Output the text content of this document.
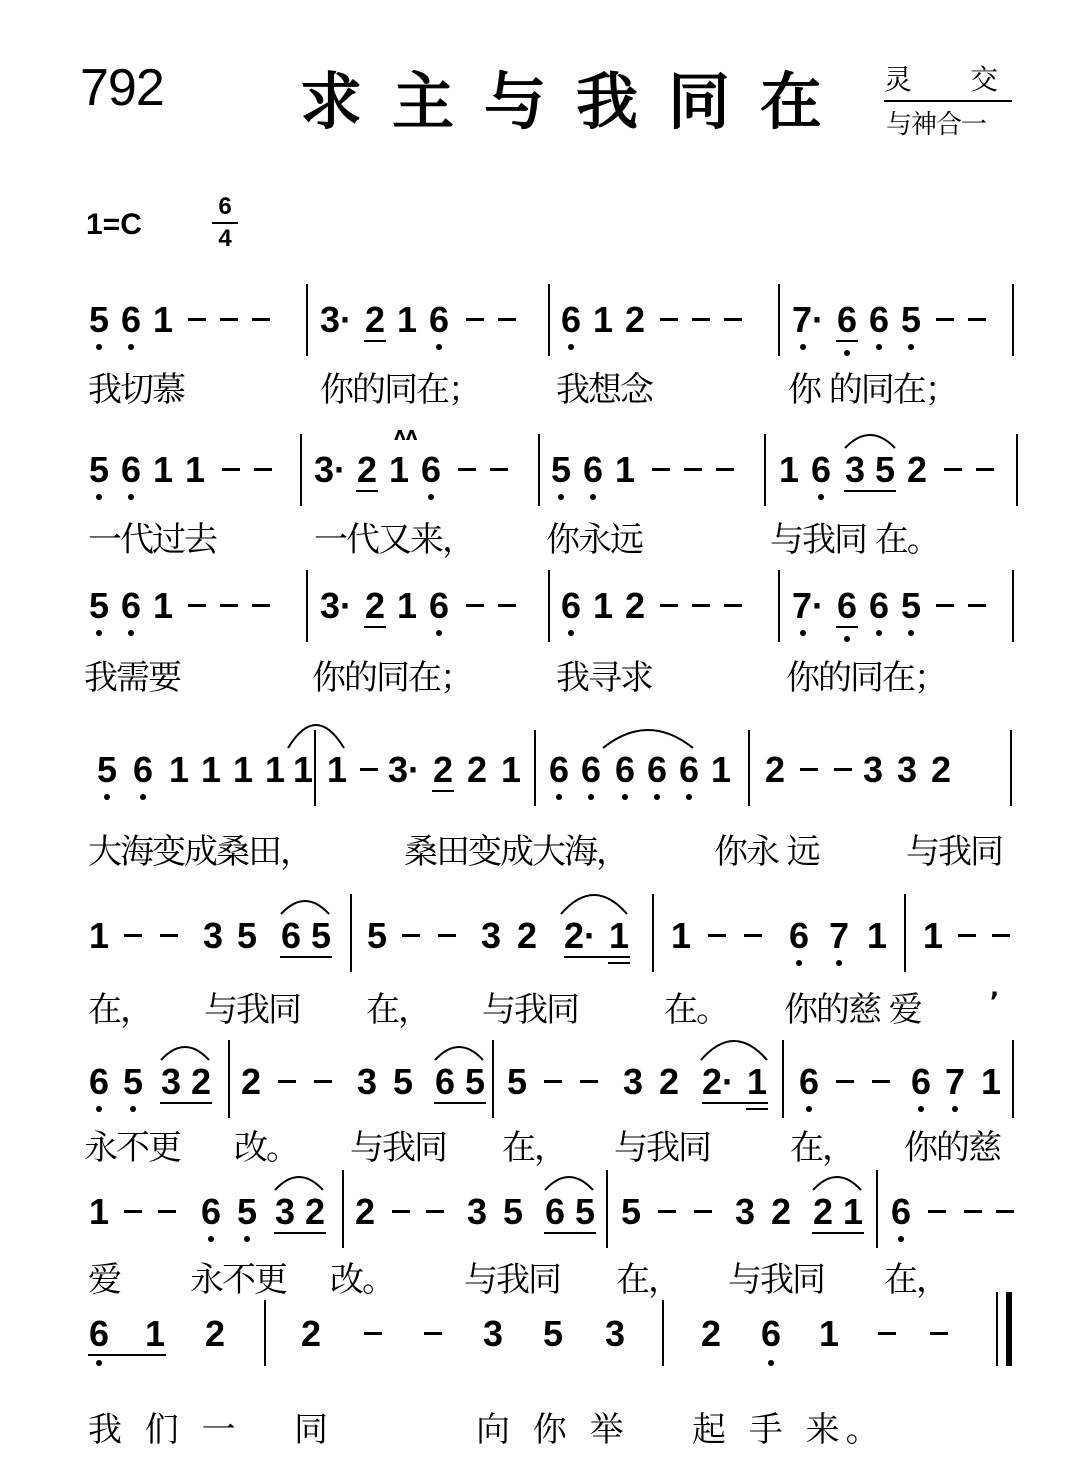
792 求主与我同在 灵交
与神合一
1=C
6
4
5 6 1	3· 2 1 6	6 1 2	7· 6 6 5
我切慕	你的同在； 我想念	你 的同在；
5 6 1 1	3· 2
ᴧᴧ
1 6	5 6 1	1 6 3 5 2
一代过去	一代又来， 你永远	与我同 在。
5 6 1	3· 2 1 6	6 1 2	7· 6 6 5
我需要	你的同在； 我寻求	你的同在；
5 6 1 1 1 1 1 1 3· 2 2 1 6 6 6 6 6 1 2 3 3 2
大海变成桑田，	桑田变成大海，	你永 远	与我同
1	3 5 6 5 5	3 2 2· 1 1	6 7 1 1
,
在， 与我同 在， 与我同	在。 你的慈 爱
6 5 3 2 2	3 5 6 5 5	3 2 2· 1 6	6 7 1
永不更 改。 与我同 在， 与我同 在， 你的慈
1	6 5 3 2 2	3 5 6 5 5	3 2 2 1 6
爱 永不更 改。 与我同 在， 与我同 在，
6 1 2 2	3 5 3 2 6 1
我 们 一 同	向 你 举 起 手 来。
